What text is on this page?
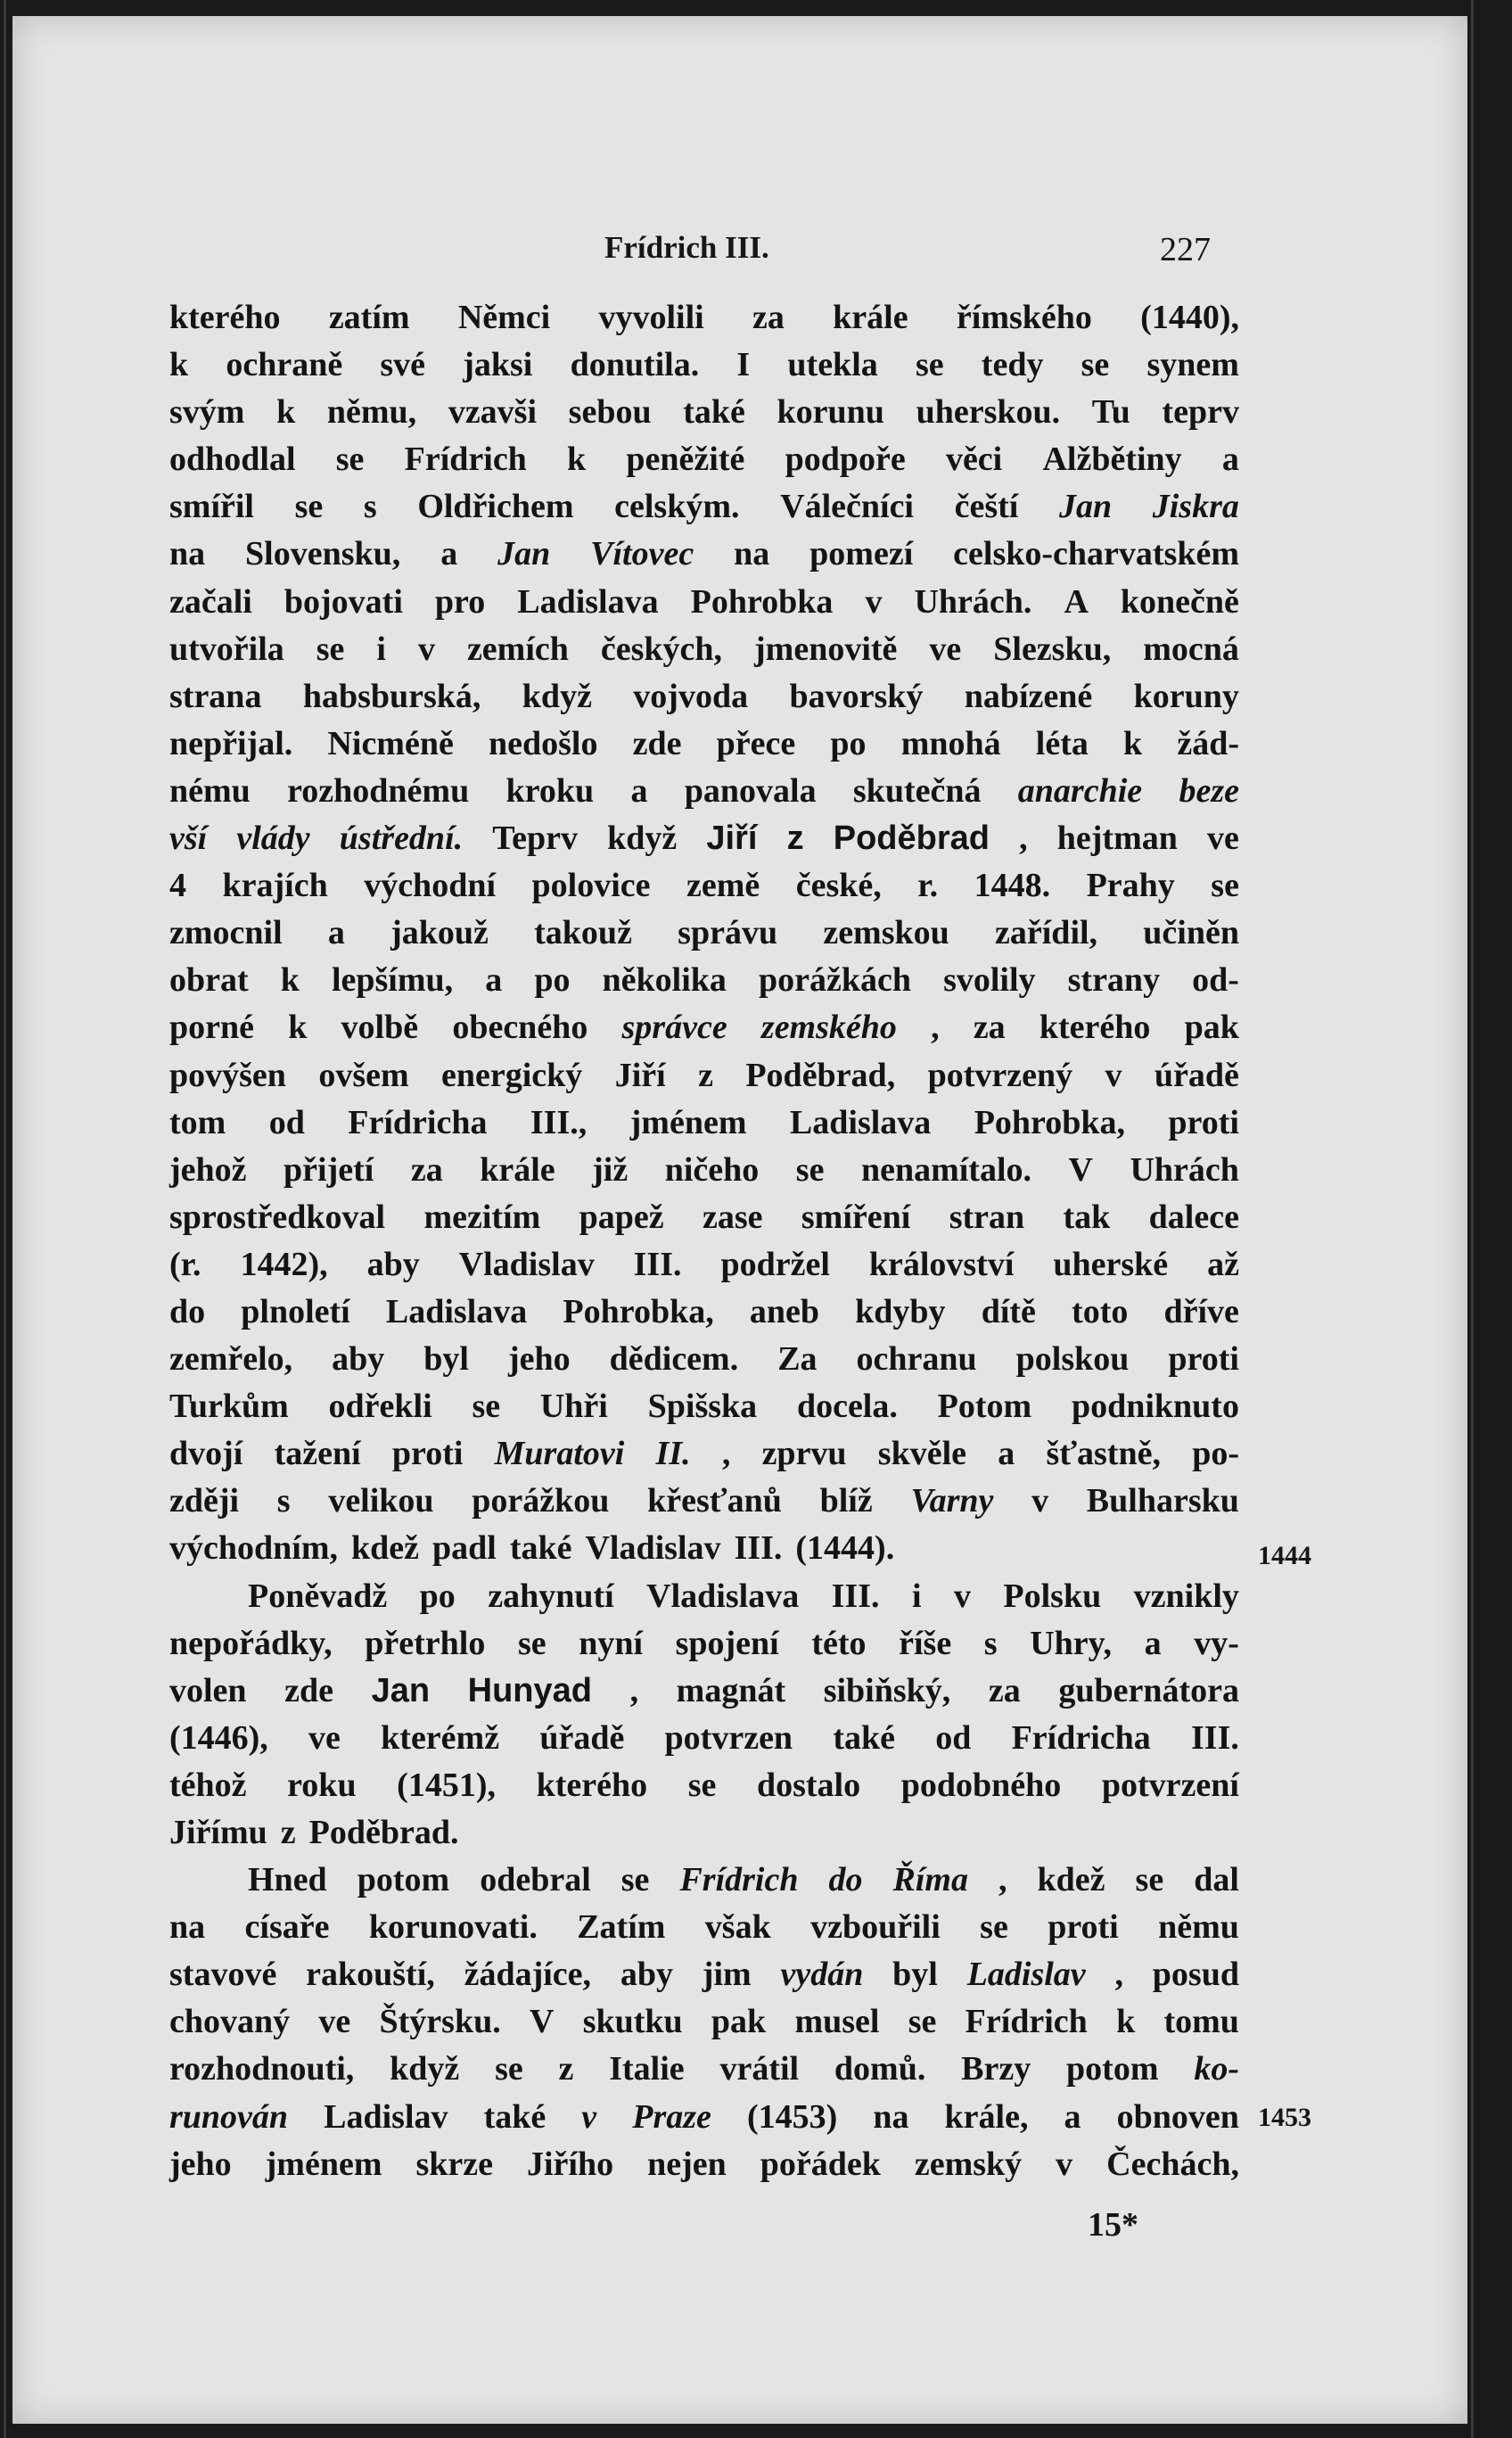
Frídrich III.	227
kterého zatím Němci vyvolili za krále římského (1440),
k ochraně své jaksi donutila. I utekla se tedy se synem
svým k němu, vzavši sebou také korunu uherskou. Tu teprv
odhodlal se Frídrich k peněžité podpoře věci Alžbětiny a
smířil se s Oldřichem celským. Válečníci čeští Jan Jiskra
na Slovensku, a Jan Vítovec na pomezí celsko-charvatském
začali bojovati pro Ladislava Pohrobka v Uhrách. A konečně
utvořila se i v zemích českých, jmenovitě ve Slezsku, mocná
strana habsburská, když vojvoda bavorský nabízené koruny
nepřijal. Nicméně nedošlo zde přece po mnohá léta k žád-
nému rozhodnému kroku a panovala skutečná anarchie beze
vší vlády ústřední. Teprv když Jiří z Poděbrad , hejtman ve
4 krajích východní polovice země české, r. 1448. Prahy se
zmocnil a jakouž takouž správu zemskou zařídil, učiněn
obrat k lepšímu, a po několika porážkách svolily strany od-
porné k volbě obecného správce zemského , za kterého pak
povýšen ovšem energický Jiří z Poděbrad, potvrzený v úřadě
tom od Frídricha III., jménem Ladislava Pohrobka, proti
jehož přijetí za krále již ničeho se nenamítalo. V Uhrách
sprostředkoval mezitím papež zase smíření stran tak dalece
(r. 1442), aby Vladislav III. podržel království uherské až
do plnoletí Ladislava Pohrobka, aneb kdyby dítě toto dříve
zemřelo, aby byl jeho dědicem. Za ochranu polskou proti
Turkům odřekli se Uhři Spišska docela. Potom podniknuto
dvojí tažení proti Muratovi II. , zprvu skvěle a šťastně, po-
zději s velikou porážkou křesťanů blíž Varny v Bulharsku
východním, kdež padl také Vladislav III. (1444).
Poněvadž po zahynutí Vladislava III. i v Polsku vznikly
nepořádky, přetrhlo se nyní spojení této říše s Uhry, a vy-
volen zde Jan Hunyad , magnát sibiňský, za gubernátora
(1446), ve kterémž úřadě potvrzen také od Frídricha III.
téhož roku (1451), kterého se dostalo podobného potvrzení
Jiřímu z Poděbrad.
Hned potom odebral se Frídrich do Říma , kdež se dal
na císaře korunovati. Zatím však vzbouřili se proti němu
stavové rakouští, žádajíce, aby jim vydán byl Ladislav , posud
chovaný ve Štýrsku. V skutku pak musel se Frídrich k tomu
rozhodnouti, když se z Italie vrátil domů. Brzy potom ko-
runován Ladislav také v Praze (1453) na krále, a obnoven
jeho jménem skrze Jiřího nejen pořádek zemský v Čechách,
1444
1453
15*
